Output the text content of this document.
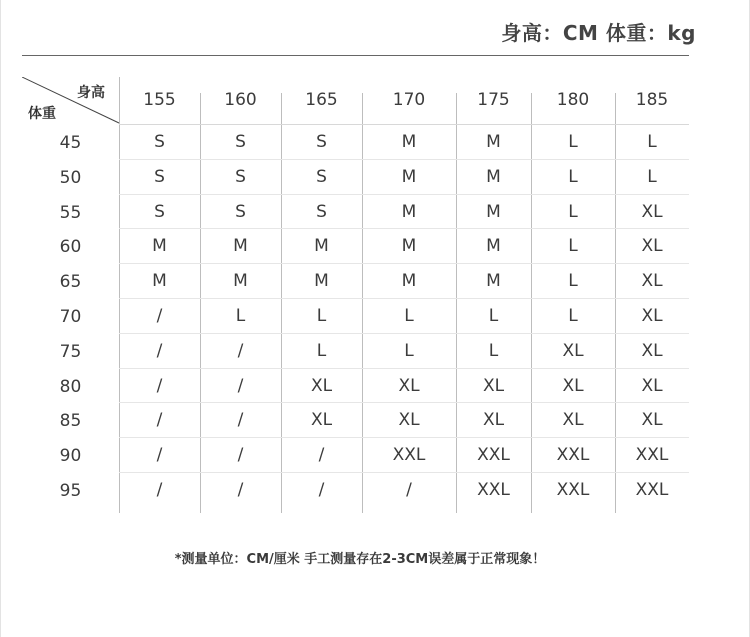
身高：CM 体重：kg
身高
体重
155	160	165	170	175	180	185
45	S	S	S	M	M	L	L
50	S	S	S	M	M	L	L
55	S	S	S	M	M	L	XL
60	M	M	M	M	M	L	XL
65	M	M	M	M	M	L	XL
70	/	L	L	L	L	L	XL
75	/	/	L	L	L	XL	XL
80	/	/	XL	XL	XL	XL	XL
85	/	/	XL	XL	XL	XL	XL
90	/	/	/	XXL	XXL	XXL	XXL
95	/	/	/	/	XXL	XXL	XXL
*测量单位：CM/厘米 手工测量存在2-3CM误差属于正常现象！
